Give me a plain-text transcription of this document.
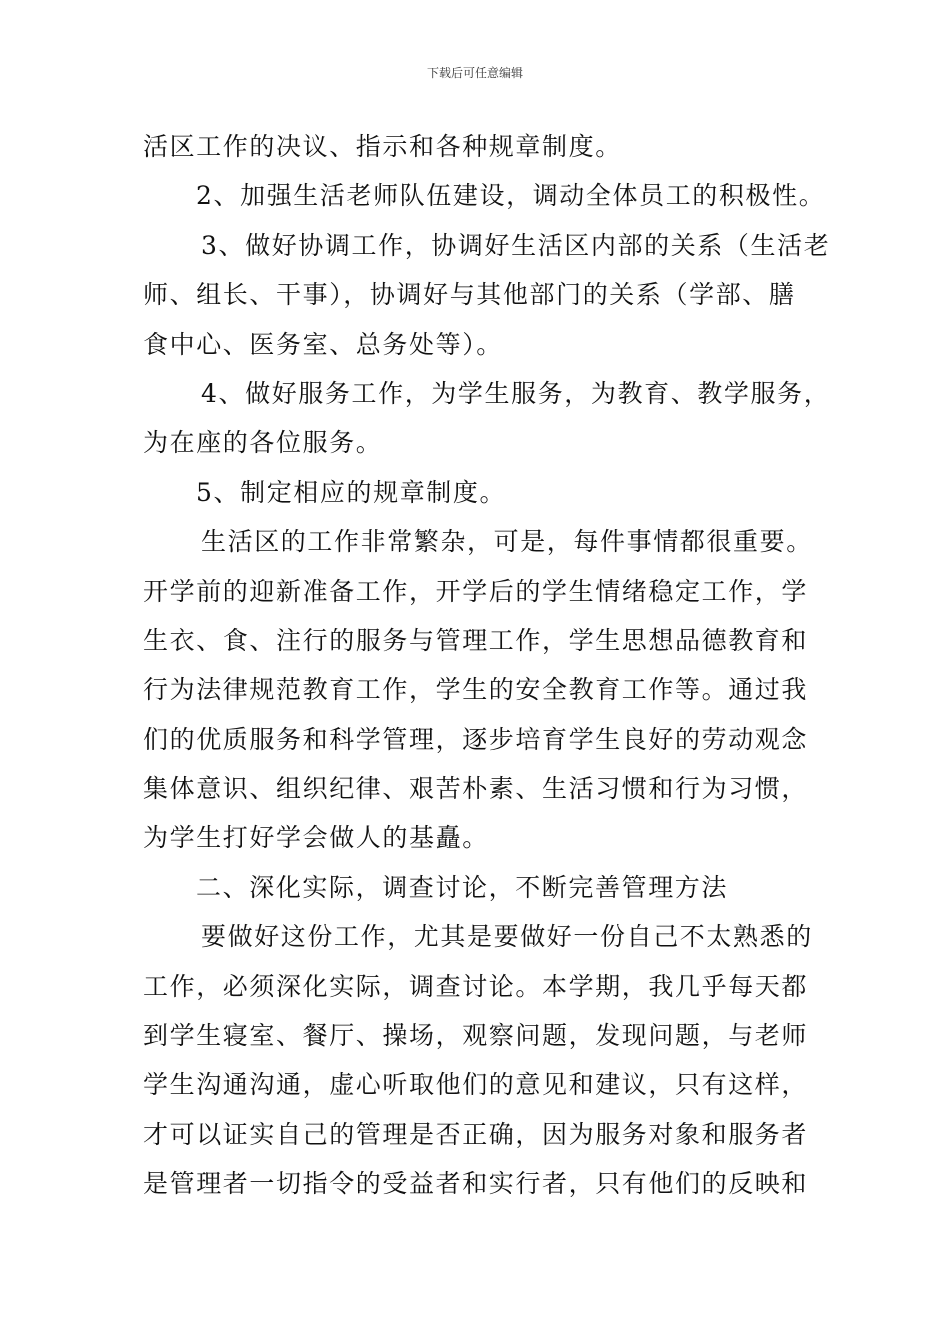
下载后可任意编辑
活区工作的决议、指示和各种规章制度。
2、加强生活老师队伍建设，调动全体员工的积极性。
3、做好协调工作，协调好生活区内部的关系（生活老
师、组长、干事），协调好与其他部门的关系（学部、膳
食中心、医务室、总务处等）。
4、做好服务工作，为学生服务，为教育、教学服务，
为在座的各位服务。
5、制定相应的规章制度。
生活区的工作非常繁杂，可是，每件事情都很重要。
开学前的迎新准备工作，开学后的学生情绪稳定工作，学
生衣、食、注行的服务与管理工作，学生思想品德教育和
行为法律规范教育工作，学生的安全教育工作等。通过我
们的优质服务和科学管理，逐步培育学生良好的劳动观念
集体意识、组织纪律、艰苦朴素、生活习惯和行为习惯，
为学生打好学会做人的基矗。
二、深化实际，调查讨论，不断完善管理方法
要做好这份工作，尤其是要做好一份自己不太熟悉的
工作，必须深化实际，调查讨论。本学期，我几乎每天都
到学生寝室、餐厅、操场，观察问题，发现问题，与老师
学生沟通沟通，虚心听取他们的意见和建议，只有这样，
才可以证实自己的管理是否正确，因为服务对象和服务者
是管理者一切指令的受益者和实行者，只有他们的反映和
